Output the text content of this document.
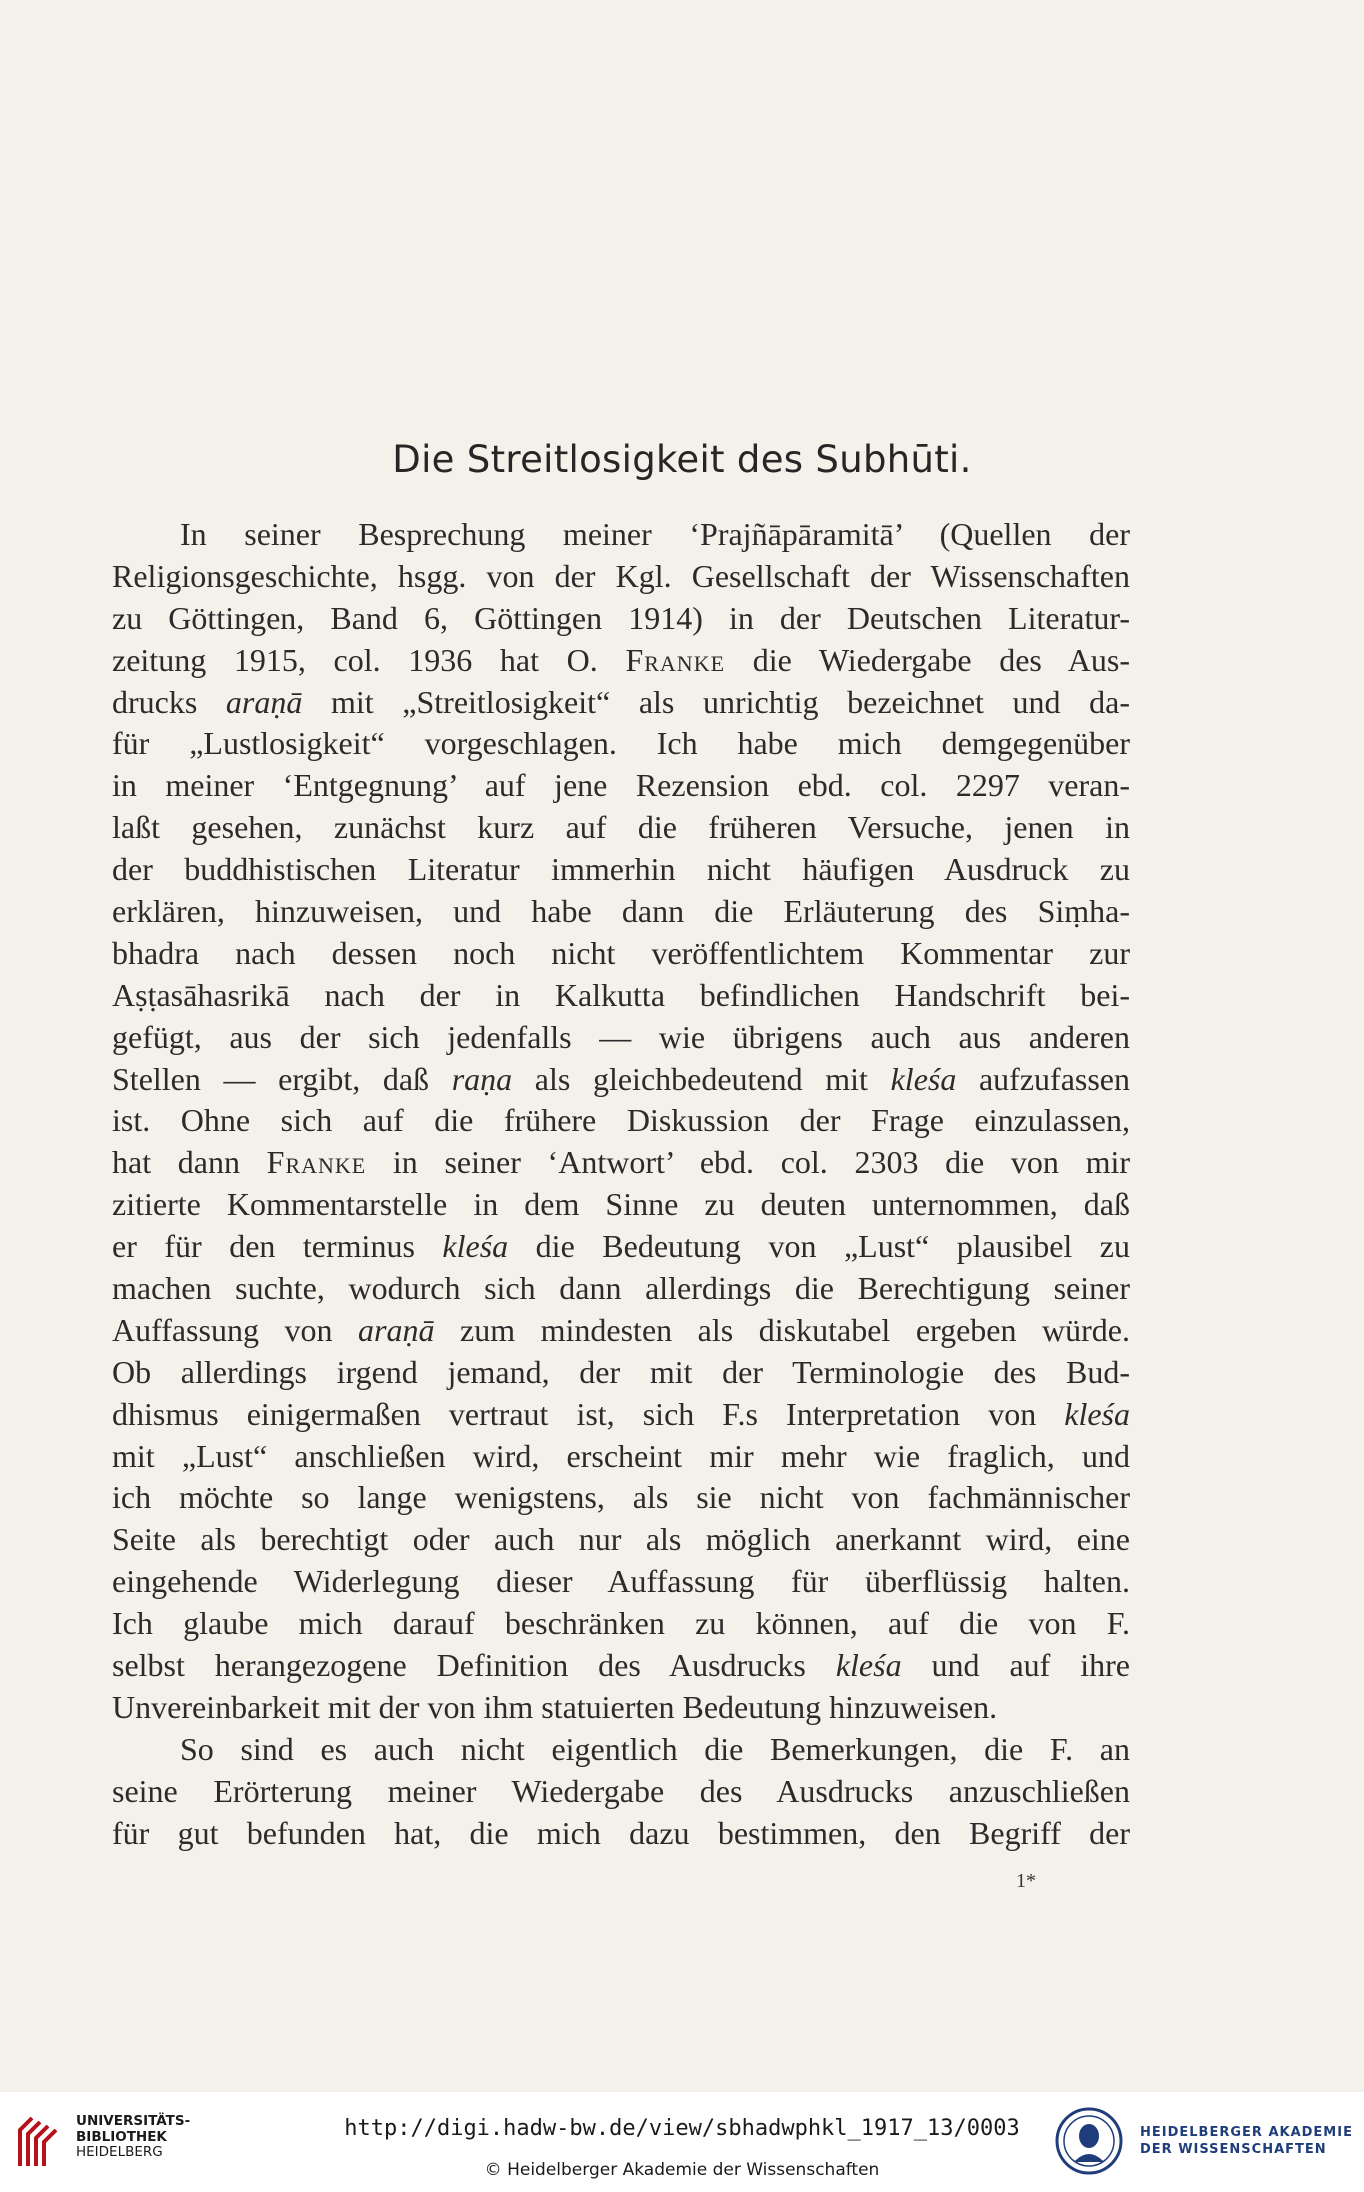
Die Streitlosigkeit des Subhūti.
In seiner Besprechung meiner ‘Prajñāpāramitā’ (Quellen der
Religionsgeschichte, hsgg. von der Kgl. Gesellschaft der Wissenschaften
zu Göttingen, Band 6, Göttingen 1914) in der Deutschen Literatur-
zeitung 1915, col. 1936 hat O. Franke die Wiedergabe des Aus-
drucks araṇā mit „Streitlosigkeit“ als unrichtig bezeichnet und da-
für „Lustlosigkeit“ vorgeschlagen. Ich habe mich demgegenüber
in meiner ‘Entgegnung’ auf jene Rezension ebd. col. 2297 veran-
laßt gesehen, zunächst kurz auf die früheren Versuche, jenen in
der buddhistischen Literatur immerhin nicht häufigen Ausdruck zu
erklären, hinzuweisen, und habe dann die Erläuterung des Siṃha-
bhadra nach dessen noch nicht veröffentlichtem Kommentar zur
Aṣṭasāhasrikā nach der in Kalkutta befindlichen Handschrift bei-
gefügt, aus der sich jedenfalls — wie übrigens auch aus anderen
Stellen — ergibt, daß raṇa als gleichbedeutend mit kleśa aufzufassen
ist. Ohne sich auf die frühere Diskussion der Frage einzulassen,
hat dann Franke in seiner ‘Antwort’ ebd. col. 2303 die von mir
zitierte Kommentarstelle in dem Sinne zu deuten unternommen, daß
er für den terminus kleśa die Bedeutung von „Lust“ plausibel zu
machen suchte, wodurch sich dann allerdings die Berechtigung seiner
Auffassung von araṇā zum mindesten als diskutabel ergeben würde.
Ob allerdings irgend jemand, der mit der Terminologie des Bud-
dhismus einigermaßen vertraut ist, sich F.s Interpretation von kleśa
mit „Lust“ anschließen wird, erscheint mir mehr wie fraglich, und
ich möchte so lange wenigstens, als sie nicht von fachmännischer
Seite als berechtigt oder auch nur als möglich anerkannt wird, eine
eingehende Widerlegung dieser Auffassung für überflüssig halten.
Ich glaube mich darauf beschränken zu können, auf die von F.
selbst herangezogene Definition des Ausdrucks kleśa und auf ihre
Unvereinbarkeit mit der von ihm statuierten Bedeutung hinzuweisen.
So sind es auch nicht eigentlich die Bemerkungen, die F. an
seine Erörterung meiner Wiedergabe des Ausdrucks anzuschließen
für gut befunden hat, die mich dazu bestimmen, den Begriff der
1*
UNIVERSITÄTS-
BIBLIOTHEK
HEIDELBERG
http://digi.hadw-bw.de/view/sbhadwphkl_1917_13/0003
© Heidelberger Akademie der Wissenschaften
HEIDELBERGER AKADEMIE
DER WISSENSCHAFTEN
